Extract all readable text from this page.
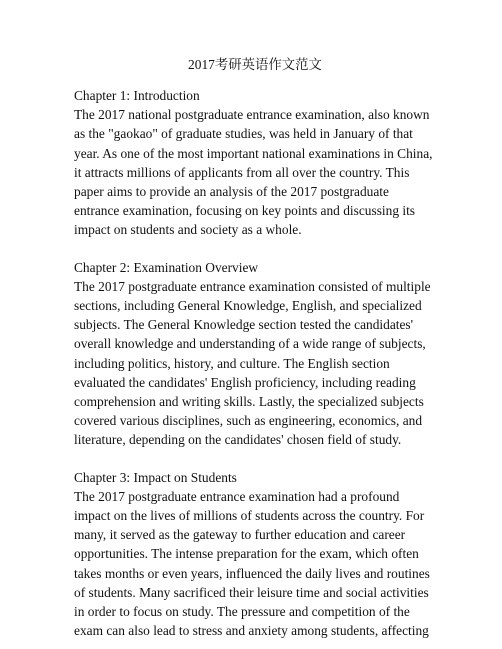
2017考研英语作文范文
Chapter 1: Introduction
The 2017 national postgraduate entrance examination, also known as the "gaokao" of graduate studies, was held in January of that year. As one of the most important national examinations in China, it attracts millions of applicants from all over the country. This paper aims to provide an analysis of the 2017 postgraduate entrance examination, focusing on key points and discussing its impact on students and society as a whole.
Chapter 2: Examination Overview
The 2017 postgraduate entrance examination consisted of multiple sections, including General Knowledge, English, and specialized subjects. The General Knowledge section tested the candidates' overall knowledge and understanding of a wide range of subjects, including politics, history, and culture. The English section evaluated the candidates' English proficiency, including reading comprehension and writing skills. Lastly, the specialized subjects covered various disciplines, such as engineering, economics, and literature, depending on the candidates' chosen field of study.
Chapter 3: Impact on Students
The 2017 postgraduate entrance examination had a profound impact on the lives of millions of students across the country. For many, it served as the gateway to further education and career opportunities. The intense preparation for the exam, which often takes months or even years, influenced the daily lives and routines of students. Many sacrificed their leisure time and social activities in order to focus on study. The pressure and competition of the exam can also lead to stress and anxiety among students, affecting
